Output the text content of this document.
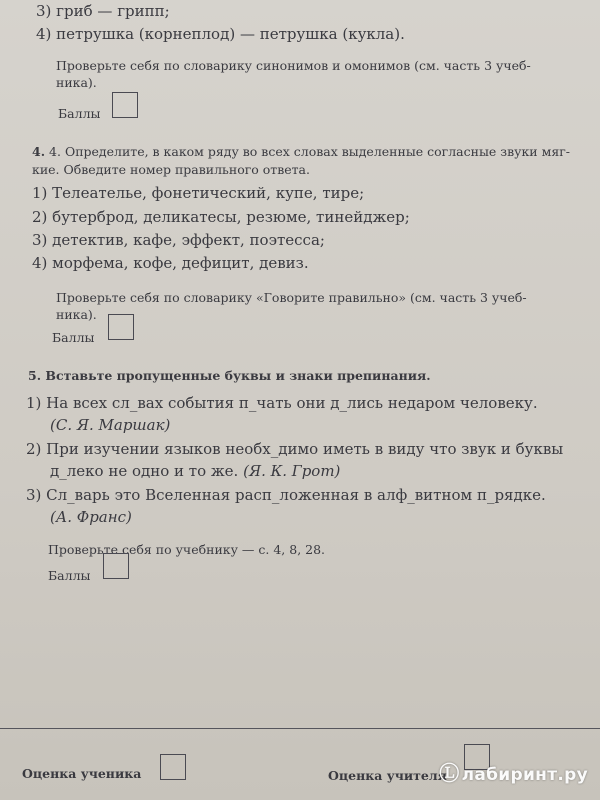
3) гриб — грипп;
4) петрушка (корнеплод) — петрушка (кукла).
Проверьте себя по словарику синонимов и омонимов (см. часть 3 учеб-
ника).
Баллы
4. 4. Определите, в каком ряду во всех словах выделенные согласные звуки мяг-
кие. Обведите номер правильного ответа.
1) Телеательe, фонетический, купе, тире;
2) бутерброд, деликатесы, резюме, тинейджер;
3) детектив, кафе, эффект, поэтесса;
4) морфема, кофе, дефицит, девиз.
Проверьте себя по словарику «Говорите правильно» (см. часть 3 учеб-
ника).
Баллы
5. Вставьте пропущенные буквы и знаки препинания.
1) На всех сл_вах события п_чать они д_лись недаром человеку.
(С. Я. Маршак)
2) При изучении языков необх_димо иметь в виду что звук и буквы
д_леко не одно и то же. (Я. К. Грот)
3) Сл_варь это Вселенная расп_ложенная в алф_витном п_рядке.
(А. Франс)
Проверьте себя по учебнику — с. 4, 8, 28.
Баллы
Оценка ученика	Оценка учителя
Ⓛ лабиринт.ру
